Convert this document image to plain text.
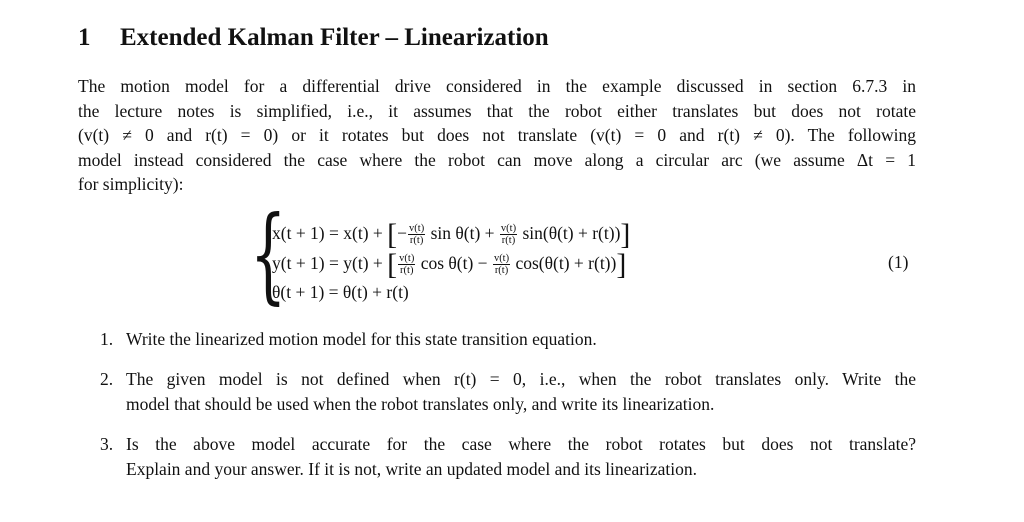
1 Extended Kalman Filter – Linearization
The motion model for a differential drive considered in the example discussed in section 6.7.3 in
the lecture notes is simplified, i.e., it assumes that the robot either translates but does not rotate
(v(t) ≠ 0 and r(t) = 0) or it rotates but does not translate (v(t) = 0 and r(t) ≠ 0). The following
model instead considered the case where the robot can move along a circular arc (we assume Δt = 1
for simplicity):
{
x(t + 1) = x(t) + [− $\frac{v(t)}{r(t)}$ $\sin \theta(t) + \frac{v(t)}{r(t)} \sin(\theta(t) + r(t))$]
y(t + 1) = y(t) + [ $\frac{v(t)}{r(t)}$ $\cos \theta(t) - \frac{v(t)}{r(t)} \cos(\theta(t) + r(t))$]
θ(t + 1) = θ(t) + r(t)
(1)
1. Write the linearized motion model for this state transition equation.
2. The given model is not defined when r(t) = 0, i.e., when the robot translates only. Write the
model that should be used when the robot translates only, and write its linearization.
3. Is the above model accurate for the case where the robot rotates but does not translate?
Explain and your answer. If it is not, write an updated model and its linearization.
